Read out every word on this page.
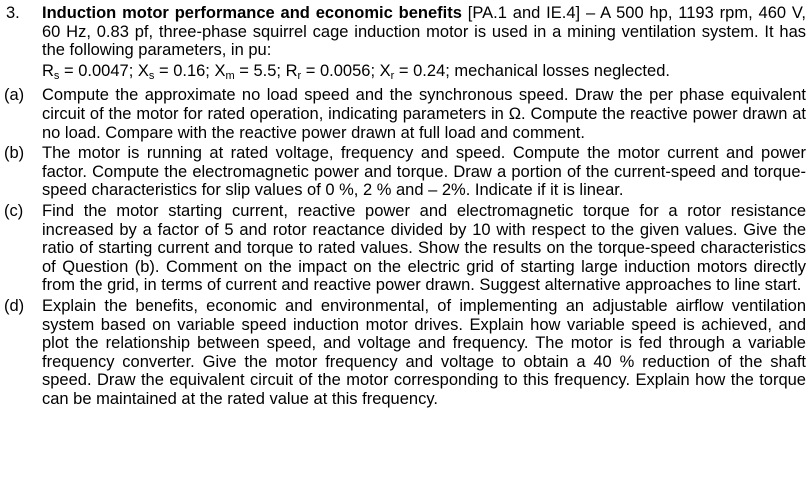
3. Induction motor performance and economic benefits [PA.1 and IE.4] – A 500 hp, 1193 rpm, 460 V, 60 Hz, 0.83 pf, three-phase squirrel cage induction motor is used in a mining ventilation system. It has the following parameters, in pu:
$R_s = 0.0047$; $X_s = 0.16$; $X_m = 5.5$; $R_r = 0.0056$; $X_r = 0.24$; mechanical losses neglected.
(a) Compute the approximate no load speed and the synchronous speed. Draw the per phase equivalent circuit of the motor for rated operation, indicating parameters in Ω. Compute the reactive power drawn at no load. Compare with the reactive power drawn at full load and comment.
(b) The motor is running at rated voltage, frequency and speed. Compute the motor current and power factor. Compute the electromagnetic power and torque. Draw a portion of the current-speed and torque-speed characteristics for slip values of 0 %, 2 % and – 2%. Indicate if it is linear.
(c) Find the motor starting current, reactive power and electromagnetic torque for a rotor resistance increased by a factor of 5 and rotor reactance divided by 10 with respect to the given values. Give the ratio of starting current and torque to rated values. Show the results on the torque-speed characteristics of Question (b). Comment on the impact on the electric grid of starting large induction motors directly from the grid, in terms of current and reactive power drawn. Suggest alternative approaches to line start.
(d) Explain the benefits, economic and environmental, of implementing an adjustable airflow ventilation system based on variable speed induction motor drives. Explain how variable speed is achieved, and plot the relationship between speed, and voltage and frequency. The motor is fed through a variable frequency converter. Give the motor frequency and voltage to obtain a 40 % reduction of the shaft speed. Draw the equivalent circuit of the motor corresponding to this frequency. Explain how the torque can be maintained at the rated value at this frequency.
